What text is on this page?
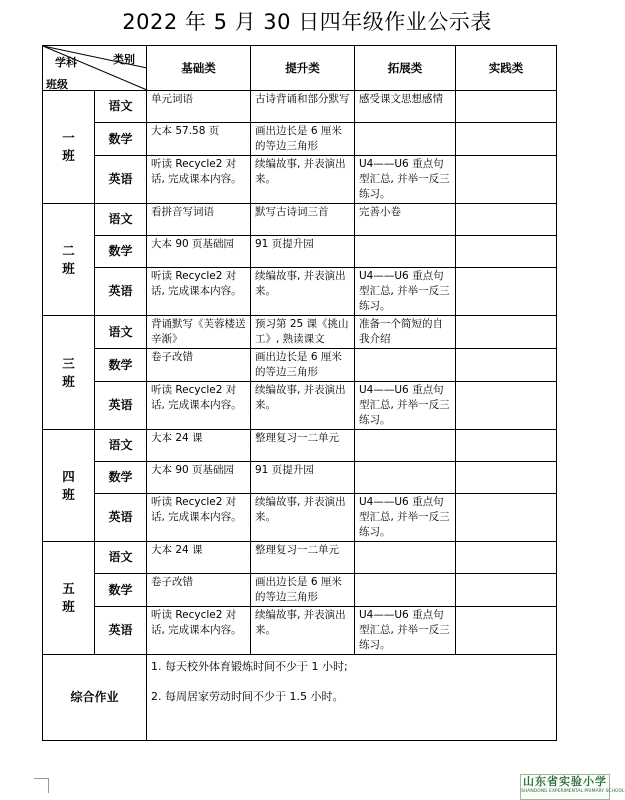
2022 年 5 月 30 日四年级作业公示表
学科 类别
班级		基础类	提升类	拓展类	实践类
一
班	语文	单元词语	古诗背诵和部分默写	感受课文思想感情	
	数学	大本 57.58 页	画出边长是 6 厘米的等边三角形		
	英语	听读 Recycle2 对话, 完成课本内容。	续编故事, 并表演出来。	U4——U6 重点句型汇总, 并举一反三练习。	
二
班	语文	看拼音写词语	默写古诗词三首	完善小卷	
	数学	大本 90 页基础园	91 页提升园		
	英语	听读 Recycle2 对话, 完成课本内容。	续编故事, 并表演出来。	U4——U6 重点句型汇总, 并举一反三练习。	
三
班	语文	背诵默写《芙蓉楼送辛渐》	预习第 25 课《挑山工》, 熟读课文	准备一个简短的自我介绍	
	数学	卷子改错	画出边长是 6 厘米的等边三角形		
	英语	听读 Recycle2 对话, 完成课本内容。	续编故事, 并表演出来。	U4——U6 重点句型汇总, 并举一反三练习。	
四
班	语文	大本 24 课	整理复习一二单元		
	数学	大本 90 页基础园	91 页提升园		
	英语	听读 Recycle2 对话, 完成课本内容。	续编故事, 并表演出来。	U4——U6 重点句型汇总, 并举一反三练习。	
五
班	语文	大本 24 课	整理复习一二单元		
	数学	卷子改错	画出边长是 6 厘米的等边三角形		
	英语	听读 Recycle2 对话, 完成课本内容。	续编故事, 并表演出来。	U4——U6 重点句型汇总, 并举一反三练习。	
综合作业		1. 每天校外体育锻炼时间不少于 1 小时;

2. 每周居家劳动时间不少于 1.5 小时。			

山东省实验小学
SHANDONG EXPERIMENTAL PRIMARY SCHOOL
